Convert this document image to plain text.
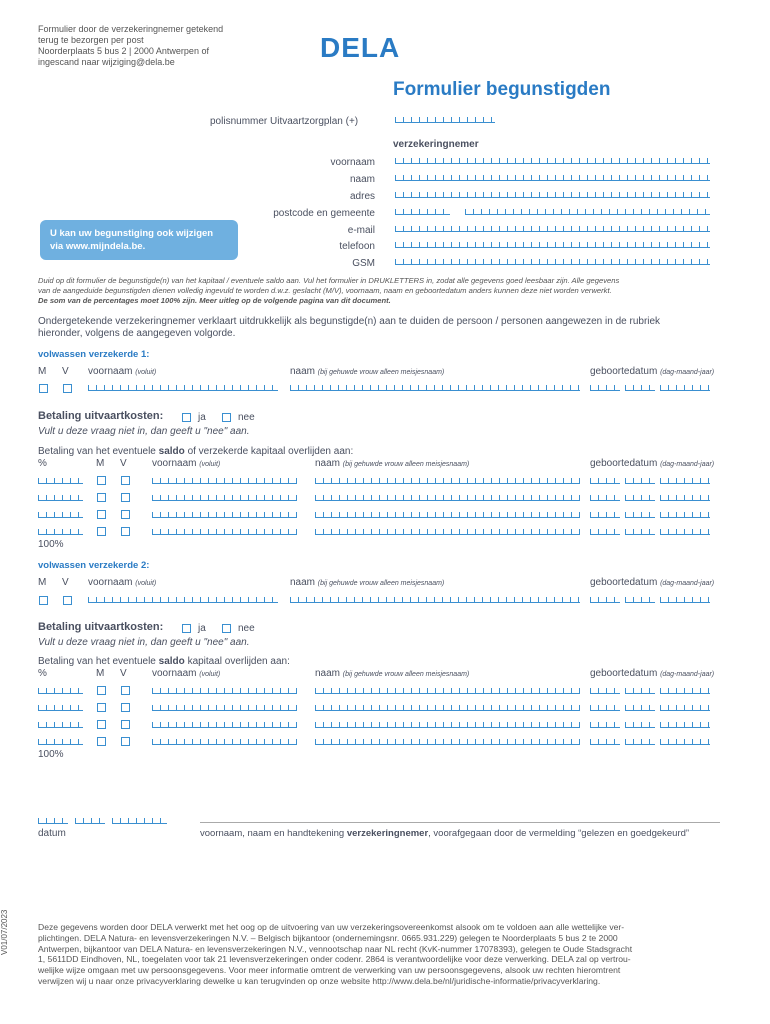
Formulier door de verzekeringnemer getekend
terug te bezorgen per post
Noorderplaats 5 bus 2 | 2000 Antwerpen of
ingescand naar wijziging@dela.be	DELA
Formulier begunstigden
polisnummer Uitvaartzorgplan (+)
verzekeringnemer
voornaam
naam
adres
postcode en gemeente
e-mail
telefoon
GSM
U kan uw begunstiging ook wijzigen
via www.mijndela.be.
Duid op dit formulier de begunstigde(n) van het kapitaal / eventuele saldo aan. Vul het formulier in DRUKLETTERS in, zodat alle gegevens goed leesbaar zijn. Alle gegevens
van de aangeduide begunstigden dienen volledig ingevuld te worden d.w.z. geslacht (M/V), voornaam, naam en geboortedatum anders kunnen deze niet worden verwerkt.
De som van de percentages moet 100% zijn. Meer uitleg op de volgende pagina van dit document.
Ondergetekende verzekeringnemer verklaart uitdrukkelijk als begunstigde(n) aan te duiden de persoon / personen aangewezen in de rubriek
hieronder, volgens de aangegeven volgorde.
volwassen verzekerde 1:
M V voornaam (voluit)	naam (bij gehuwde vrouw alleen meisjesnaam)	geboortedatum (dag-maand-jaar)
Betaling uitvaartkosten:	ja	nee
Vult u deze vraag niet in, dan geeft u "nee" aan.
Betaling van het eventuele saldo of verzekerde kapitaal overlijden aan:
%	M V	voornaam (voluit)	naam (bij gehuwde vrouw alleen meisjesnaam)	geboortedatum (dag-maand-jaar)
100%
volwassen verzekerde 2:
M V voornaam (voluit)	naam (bij gehuwde vrouw alleen meisjesnaam)	geboortedatum (dag-maand-jaar)
Betaling uitvaartkosten:	ja	nee
Vult u deze vraag niet in, dan geeft u "nee" aan.
Betaling van het eventuele saldo kapitaal overlijden aan:
%	M V	voornaam (voluit)	naam (bij gehuwde vrouw alleen meisjesnaam)	geboortedatum (dag-maand-jaar)
100%
datum	voornaam, naam en handtekening verzekeringnemer, voorafgegaan door de vermelding “gelezen en goedgekeurd”
V01/07/2023	Deze gegevens worden door DELA verwerkt met het oog op de uitvoering van uw verzekeringsovereenkomst alsook om te voldoen aan alle wettelijke ver-
plichtingen. DELA Natura- en levensverzekeringen N.V. – Belgisch bijkantoor (ondernemingsnr. 0665.931.229) gelegen te Noorderplaats 5 bus 2 te 2000
Antwerpen, bijkantoor van DELA Natura- en levensverzekeringen N.V., vennootschap naar NL recht (KvK-nummer 17078393), gelegen te Oude Stadsgracht
1, 5611DD Eindhoven, NL, toegelaten voor tak 21 levensverzekeringen onder codenr. 2864 is verantwoordelijke voor deze verwerking. DELA zal op vertrou-
welijke wijze omgaan met uw persoonsgegevens. Voor meer informatie omtrent de verwerking van uw persoonsgegevens, alsook uw rechten hieromtrent
verwijzen wij u naar onze privacyverklaring dewelke u kan terugvinden op onze website http://www.dela.be/nl/juridische-informatie/privacyverklaring.
